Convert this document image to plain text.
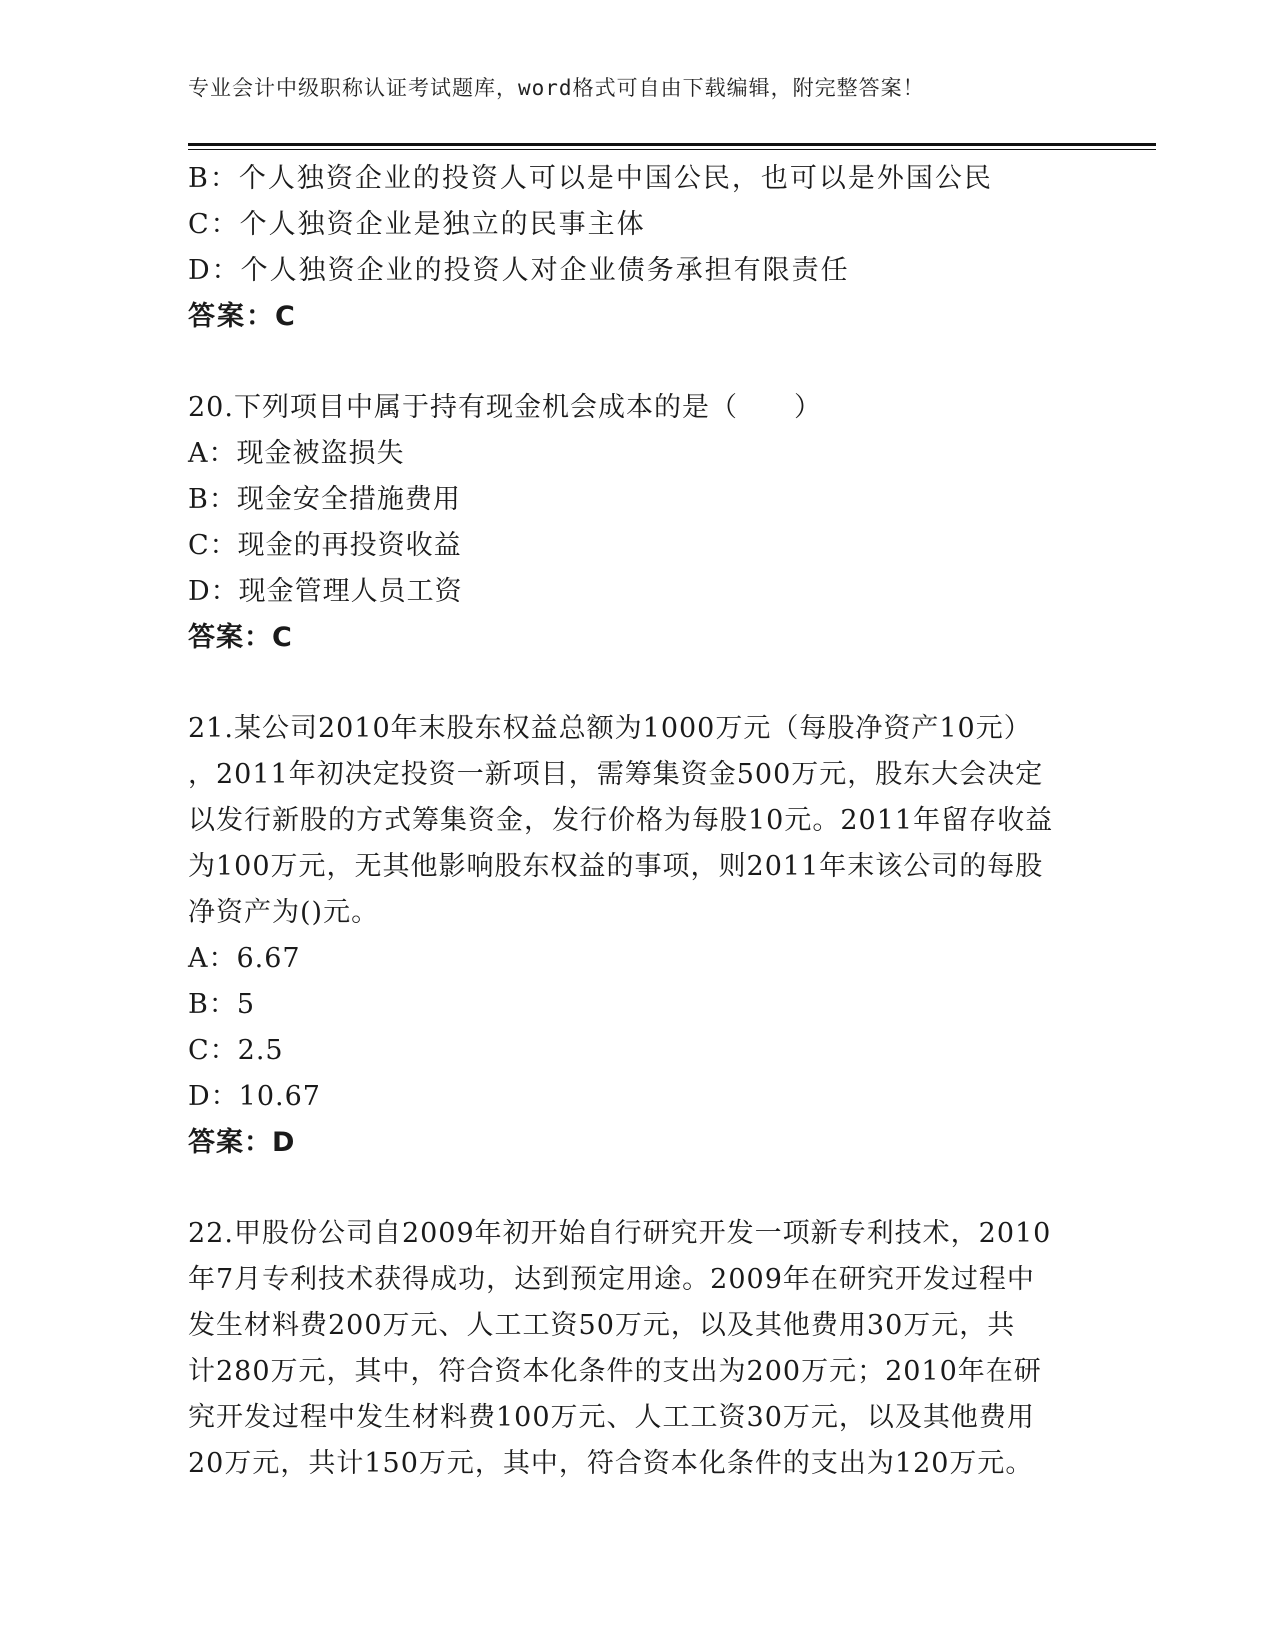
专业会计中级职称认证考试题库，word格式可自由下载编辑，附完整答案！
B：个人独资企业的投资人可以是中国公民，也可以是外国公民
C：个人独资企业是独立的民事主体
D：个人独资企业的投资人对企业债务承担有限责任
答案：C
20.下列项目中属于持有现金机会成本的是（　　）
A：现金被盗损失
B：现金安全措施费用
C：现金的再投资收益
D：现金管理人员工资
答案：C
21.某公司2010年末股东权益总额为1000万元（每股净资产10元）
，2011年初决定投资一新项目，需筹集资金500万元，股东大会决定
以发行新股的方式筹集资金，发行价格为每股10元。2011年留存收益
为100万元，无其他影响股东权益的事项，则2011年末该公司的每股
净资产为()元。
A：6.67
B：5
C：2.5
D：10.67
答案：D
22.甲股份公司自2009年初开始自行研究开发一项新专利技术，2010
年7月专利技术获得成功，达到预定用途。2009年在研究开发过程中
发生材料费200万元、人工工资50万元，以及其他费用30万元，共
计280万元，其中，符合资本化条件的支出为200万元；2010年在研
究开发过程中发生材料费100万元、人工工资30万元，以及其他费用
20万元，共计150万元，其中，符合资本化条件的支出为120万元。
